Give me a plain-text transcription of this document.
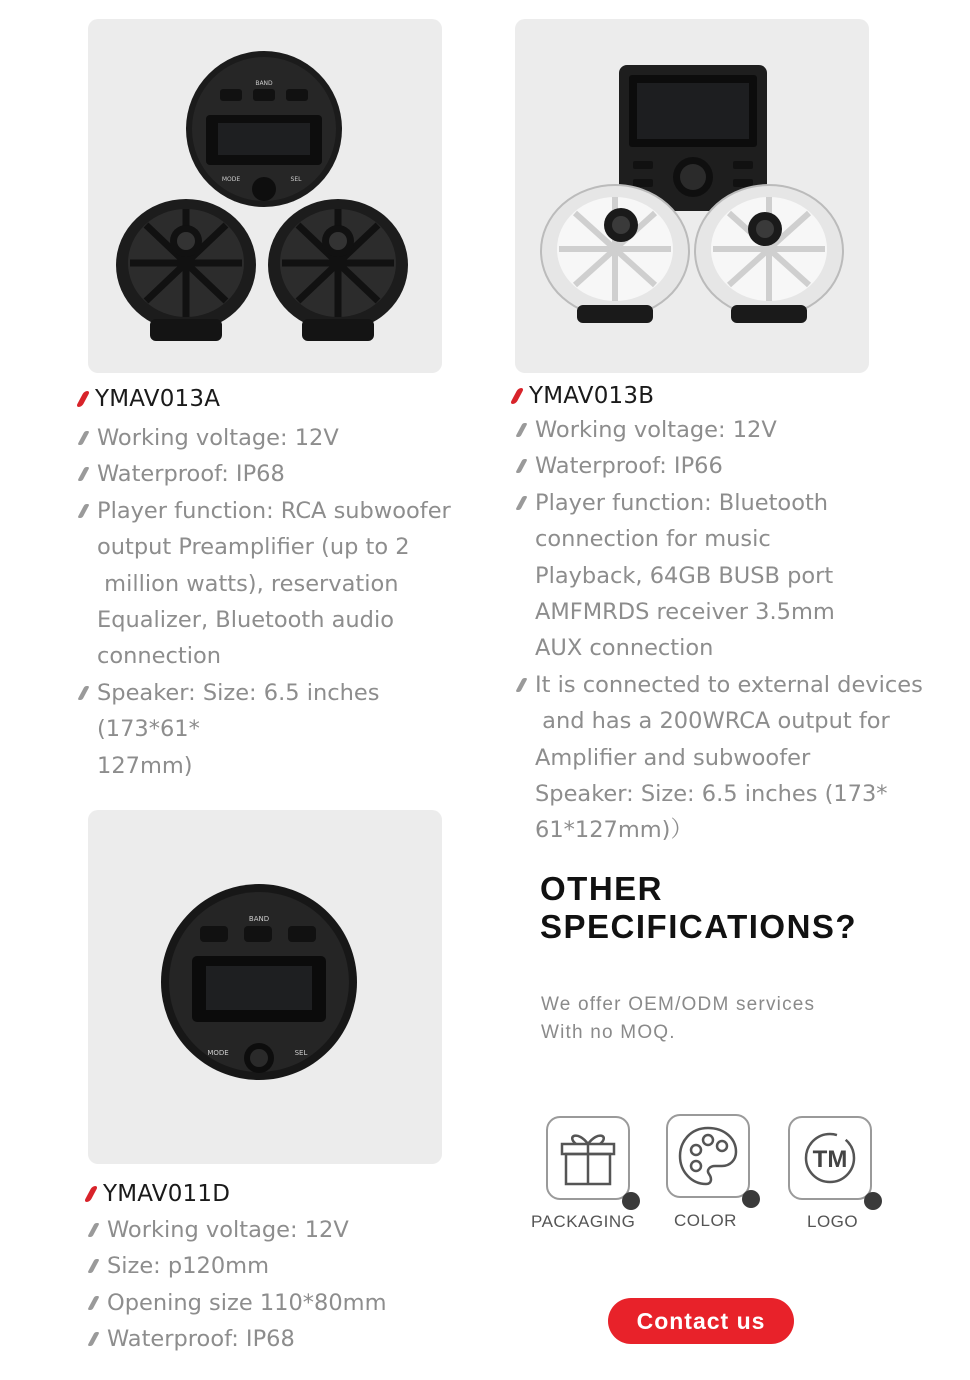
BAND
MODE	SEL
BAND
MODE	SEL
YMAV013A
Working voltage: 12V
Waterproof: IP68
Player function: RCA subwoofer
output Preamplifier (up to 2
million watts), reservation
Equalizer, Bluetooth audio
connection
Speaker: Size: 6.5 inches (173*61*
127mm)
YMAV013B
Working voltage: 12V
Waterproof: IP66
Player function: Bluetooth
connection for music
Playback, 64GB BUSB port
AMFMRDS receiver 3.5mm
AUX connection
It is connected to external devices
and has a 200WRCA output for
Amplifier and subwoofer
Speaker: Size: 6.5 inches (173*
61*127mm)）
YMAV011D
Working voltage: 12V
Size: p120mm
Opening size 110*80mm
Waterproof: IP68
OTHER
SPECIFICATIONS?
We offer OEM/ODM services
With no MOQ.
PACKAGING COLOR
TM
LOGO
Contact us
